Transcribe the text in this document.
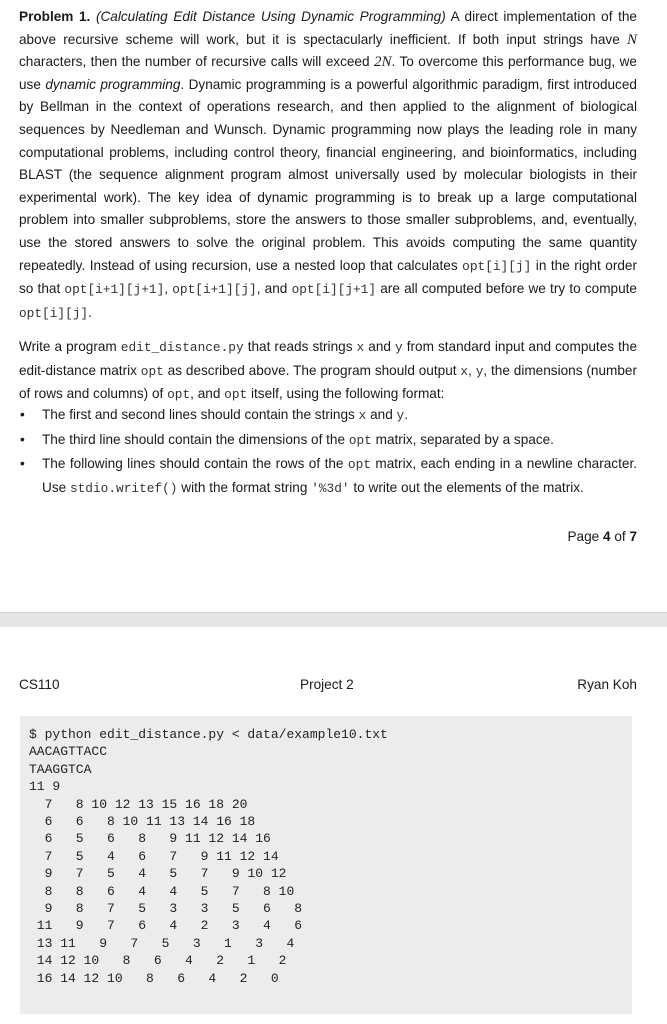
Problem 1. (Calculating Edit Distance Using Dynamic Programming) A direct implementation of the above recursive scheme will work, but it is spectacularly inefficient. If both input strings have N characters, then the number of recursive calls will exceed 2N. To overcome this performance bug, we use dynamic programming. Dynamic programming is a powerful algorithmic paradigm, first introduced by Bellman in the context of operations research, and then applied to the alignment of biological sequences by Needleman and Wunsch. Dynamic programming now plays the leading role in many computational problems, including control theory, financial engineering, and bioinformatics, including BLAST (the sequence alignment program almost universally used by molecular biologists in their experimental work). The key idea of dynamic programming is to break up a large computational problem into smaller subproblems, store the answers to those smaller subproblems, and, eventually, use the stored answers to solve the original problem. This avoids computing the same quantity repeatedly. Instead of using recursion, use a nested loop that calculates opt[i][j] in the right order so that opt[i+1][j+1], opt[i+1][j], and opt[i][j+1] are all computed before we try to compute opt[i][j].
Write a program edit_distance.py that reads strings x and y from standard input and computes the edit-distance matrix opt as described above. The program should output x, y, the dimensions (number of rows and columns) of opt, and opt itself, using the following format:
• The first and second lines should contain the strings x and y.
• The third line should contain the dimensions of the opt matrix, separated by a space.
• The following lines should contain the rows of the opt matrix, each ending in a newline character. Use stdio.writef() with the format string '%3d' to write out the elements of the matrix.
Page 4 of 7
CS110	Project 2	Ryan Koh
$ python edit_distance.py < data/example10.txt
AACAGTTACC
TAAGGTCA
11 9
7   8 10 12 13 15 16 18 20
6   6   8 10 11 13 14 16 18
6   5   6   8   9 11 12 14 16
7   5   4   6   7   9 11 12 14
9   7   5   4   5   7   9 10 12
8   8   6   4   4   5   7   8 10
9   8   7   5   3   3   5   6   8
11   9   7   6   4   2   3   4   6
13 11   9   7   5   3   1   3   4
14 12 10   8   6   4   2   1   2
16 14 12 10   8   6   4   2   0
